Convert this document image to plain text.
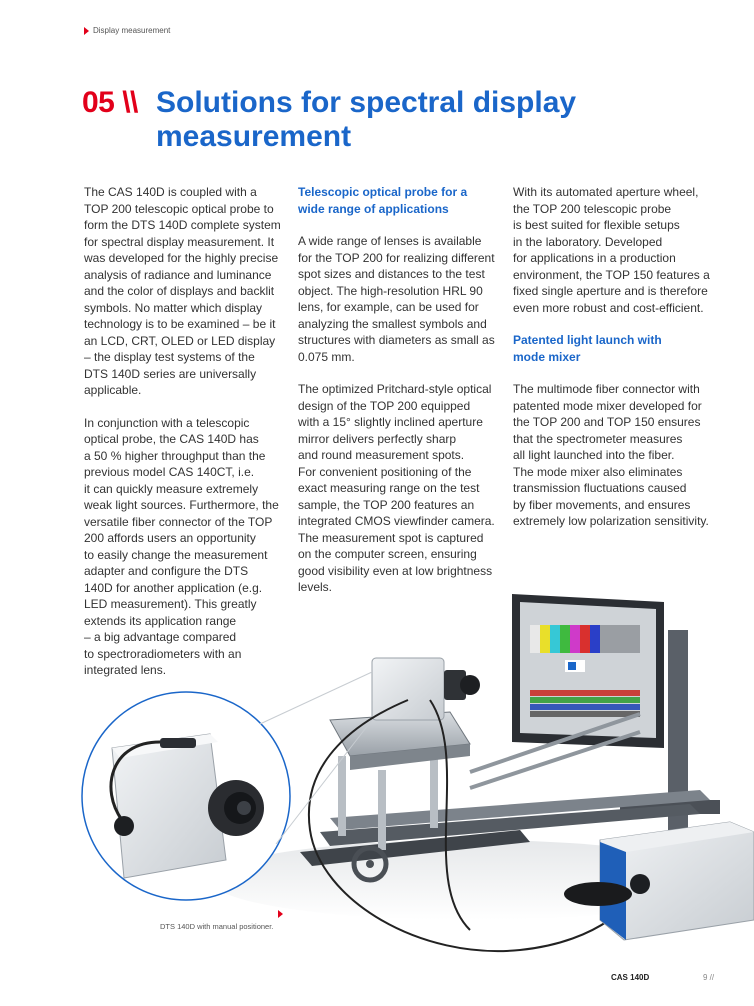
Display measurement
05 \\ Solutions for spectral display
measurement

The CAS 140D is coupled with a
TOP 200 telescopic optical probe to
form the DTS 140D complete system
for spectral display measurement. It
was developed for the highly precise
analysis of radiance and luminance
and the color of displays and backlit
symbols. No matter which display
technology is to be examined – be it
an LCD, CRT, OLED or LED display
– the display test systems of the
DTS 140D series are universally
applicable.

In conjunction with a telescopic
optical probe, the CAS 140D has
a 50 % higher throughput than the
previous model CAS 140CT, i.e.
it can quickly measure extremely
weak light sources. Furthermore, the
versatile fiber connector of the TOP
200 affords users an opportunity
to easily change the measurement
adapter and configure the DTS
140D for another application (e.g.
LED measurement). This greatly
extends its application range
– a big advantage compared
to spectroradiometers with an
integrated lens.

Telescopic optical probe for a
wide range of applications

A wide range of lenses is available
for the TOP 200 for realizing different
spot sizes and distances to the test
object. The high-resolution HRL 90
lens, for example, can be used for
analyzing the smallest symbols and
structures with diameters as small as
0.075 mm.

The optimized Pritchard-style optical
design of the TOP 200 equipped
with a 15° slightly inclined aperture
mirror delivers perfectly sharp
and round measurement spots.
For convenient positioning of the
exact measuring range on the test
sample, the TOP 200 features an
integrated CMOS viewfinder camera.
The measurement spot is captured
on the computer screen, ensuring
good visibility even at low brightness
levels.

With its automated aperture wheel,
the TOP 200 telescopic probe
is best suited for flexible setups
in the laboratory. Developed
for applications in a production
environment, the TOP 150 features a
fixed single aperture and is therefore
even more robust and cost-efficient.

Patented light launch with
mode mixer

The multimode fiber connector with
patented mode mixer developed for
the TOP 200 and TOP 150 ensures
that the spectrometer measures
all light launched into the fiber.
The mode mixer also eliminates
transmission fluctuations caused
by fiber movements, and ensures
extremely low polarization sensitivity.

DTS 140D with manual positioner.
CAS 140D	9 //
